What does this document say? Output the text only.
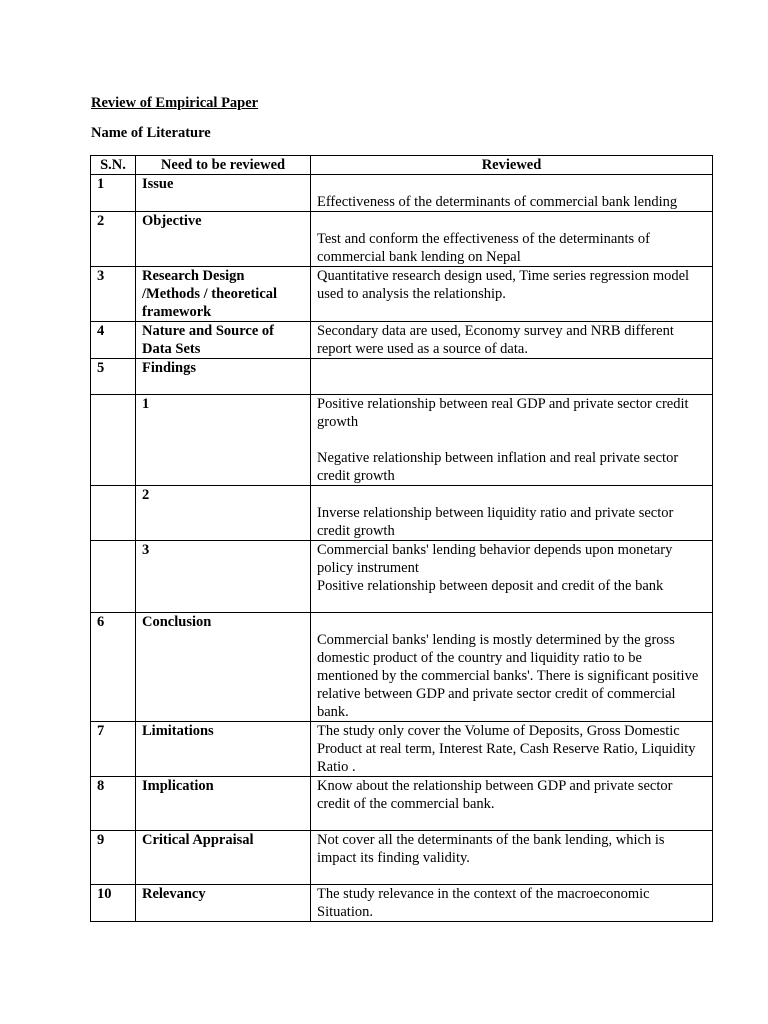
Review of Empirical Paper
Name of Literature
S.N.	Need to be reviewed	Reviewed
1	Issue	Effectiveness of the determinants of commercial bank lending

2	Objective	Test and conform the effectiveness of the determinants of commercial bank lending on Nepal

3	Research Design /Methods / theoretical framework	Quantitative research design used, Time series regression model used to analysis the relationship.

4	Nature and Source of Data Sets	Secondary data are used, Economy survey and NRB different report were used as a source of data.

5	Findings	
	1	Positive relationship between real GDP and private sector credit growth
Negative relationship between inflation and real private sector credit growth

	2	Inverse relationship between liquidity ratio and private sector credit growth

	3	Commercial banks' lending behavior depends upon monetary policy instrument
Positive relationship between deposit and credit of the bank

6	Conclusion	Commercial banks' lending is mostly determined by the gross domestic product of the country and liquidity ratio to be mentioned by the commercial banks'. There is significant positive relative between GDP and private sector credit of commercial bank.

7	Limitations	The study only cover the Volume of Deposits, Gross Domestic Product at real term, Interest Rate, Cash Reserve Ratio, Liquidity Ratio .

8	Implication	Know about the relationship between GDP and private sector credit of the commercial bank.

9	Critical Appraisal	Not cover all the determinants of the bank lending, which is impact its finding validity.

10	Relevancy	The study relevance in the context of the macroeconomic Situation.
